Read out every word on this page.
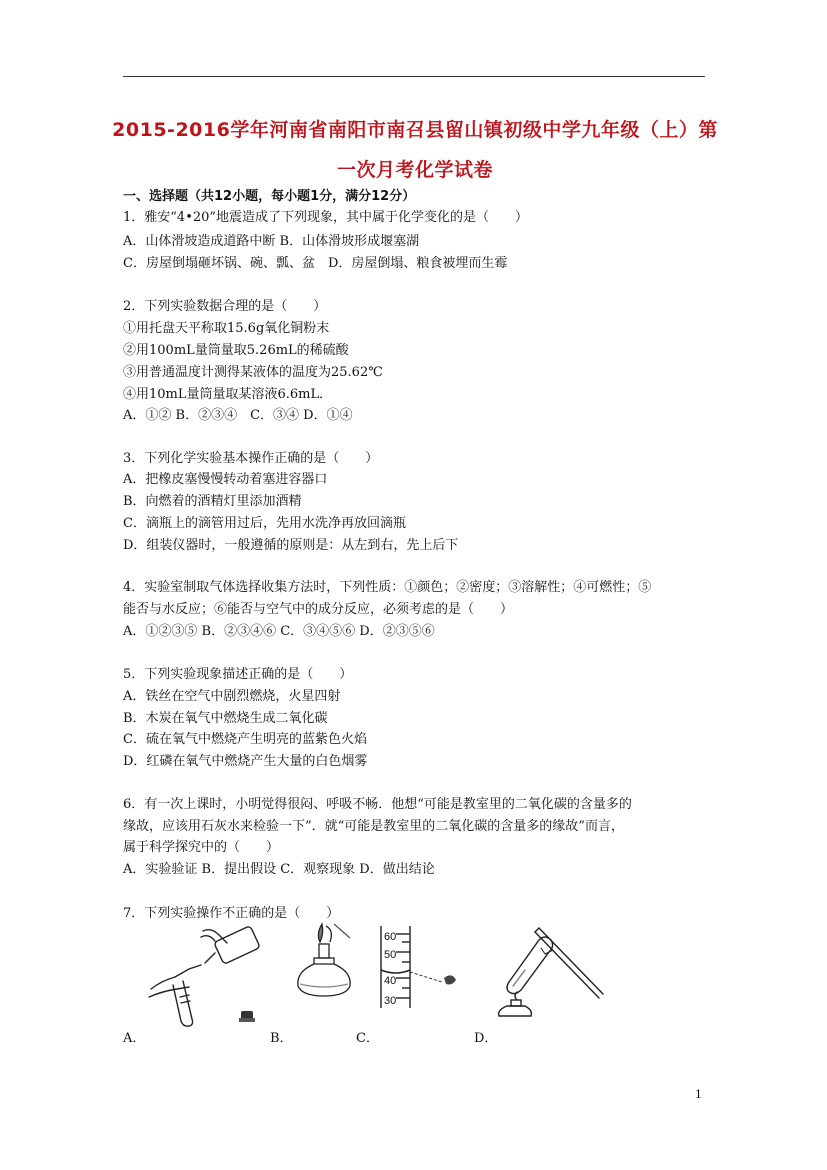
2015-2016学年河南省南阳市南召县留山镇初级中学九年级（上）第
一次月考化学试卷
一、选择题（共12小题，每小题1分，满分12分）
1．雅安“4•20”地震造成了下列现象，其中属于化学变化的是（　　）
A．山体滑坡造成道路中断 B．山体滑坡形成堰塞湖
C．房屋倒塌砸坏锅、碗、瓢、盆　D．房屋倒塌、粮食被埋而生霉
2．下列实验数据合理的是（　　）
①用托盘天平称取15.6g氧化铜粉末
②用100mL量筒量取5.26mL的稀硫酸
③用普通温度计测得某液体的温度为25.62℃
④用10mL量筒量取某溶液6.6mL．
A．①② B．②③④　C．③④ D．①④
3．下列化学实验基本操作正确的是（　　）
A．把橡皮塞慢慢转动着塞进容器口
B．向燃着的酒精灯里添加酒精
C．滴瓶上的滴管用过后，先用水洗净再放回滴瓶
D．组装仪器时，一般遵循的原则是：从左到右，先上后下
4．实验室制取气体选择收集方法时，下列性质：①颜色；②密度；③溶解性；④可燃性；⑤
能否与水反应；⑥能否与空气中的成分反应，必须考虑的是（　　）
A．①②③⑤ B．②③④⑥ C．③④⑤⑥ D．②③⑤⑥
5．下列实验现象描述正确的是（　　）
A．铁丝在空气中剧烈燃烧，火星四射
B．木炭在氧气中燃烧生成二氧化碳
C．硫在氧气中燃烧产生明亮的蓝紫色火焰
D．红磷在氧气中燃烧产生大量的白色烟雾
6．有一次上课时，小明觉得很闷、呼吸不畅．他想“可能是教室里的二氧化碳的含量多的
缘故，应该用石灰水来检验一下”．就“可能是教室里的二氧化碳的含量多的缘故”而言，
属于科学探究中的（　　）
A．实验验证 B．提出假设 C．观察现象 D．做出结论
7．下列实验操作不正确的是（　　）
60
50
40
30
A．	B．	C．	D．
1
